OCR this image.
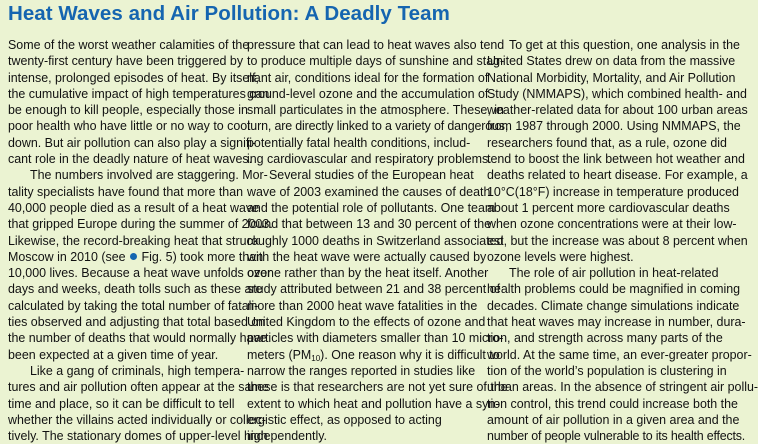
Heat Waves and Air Pollution: A Deadly Team
Some of the worst weather calamities of the
twenty-first century have been triggered by
intense, prolonged episodes of heat. By itself,
the cumulative impact of high temperatures can
be enough to kill people, especially those in
poor health who have little or no way to cool
down. But air pollution can also play a signifi-
cant role in the deadly nature of heat waves.
The numbers involved are staggering. Mor-
tality specialists have found that more than
40,000 people died as a result of a heat wave
that gripped Europe during the summer of 2003.
Likewise, the record-breaking heat that struck
Moscow in 2010 (see Fig. 5) took more than
10,000 lives. Because a heat wave unfolds over
days and weeks, death tolls such as these are
calculated by taking the total number of fatali-
ties observed and adjusting that total based on
the number of deaths that would normally have
been expected at a given time of year.
Like a gang of criminals, high tempera-
tures and air pollution often appear at the same
time and place, so it can be difficult to tell
whether the villains acted individually or collec-
tively. The stationary domes of upper-level high
pressure that can lead to heat waves also tend
to produce multiple days of sunshine and stag-
nant air, conditions ideal for the formation of
ground-level ozone and the accumulation of
small particulates in the atmosphere. These, in
turn, are directly linked to a variety of dangerous,
potentially fatal health conditions, includ-
ing cardiovascular and respiratory problems.
Several studies of the European heat
wave of 2003 examined the causes of death
and the potential role of pollutants. One team
found that between 13 and 30 percent of the
roughly 1000 deaths in Switzerland associated
with the heat wave were actually caused by
ozone rather than by the heat itself. Another
study attributed between 21 and 38 percent of
more than 2000 heat wave fatalities in the
United Kingdom to the effects of ozone and
particles with diameters smaller than 10 micro-
meters $(PM_{10})$. One reason why it is difficult to
narrow the ranges reported in studies like
these is that researchers are not yet sure of the
extent to which heat and pollution have a syn-
ergistic effect, as opposed to acting
independently.
To get at this question, one analysis in the
United States drew on data from the massive
National Morbidity, Mortality, and Air Pollution
Study (NMMAPS), which combined health- and
weather-related data for about 100 urban areas
from 1987 through 2000. Using NMMAPS, the
researchers found that, as a rule, ozone did
tend to boost the link between hot weather and
deaths related to heart disease. For example, a
10°C(18°F) increase in temperature produced
about 1 percent more cardiovascular deaths
when ozone concentrations were at their low-
est, but the increase was about 8 percent when
ozone levels were highest.
The role of air pollution in heat-related
health problems could be magnified in coming
decades. Climate change simulations indicate
that heat waves may increase in number, dura-
tion, and strength across many parts of the
world. At the same time, an ever-greater propor-
tion of the world’s population is clustering in
urban areas. In the absence of stringent air pollu-
tion control, this trend could increase both the
amount of air pollution in a given area and the
number of people vulnerable to its health effects.
